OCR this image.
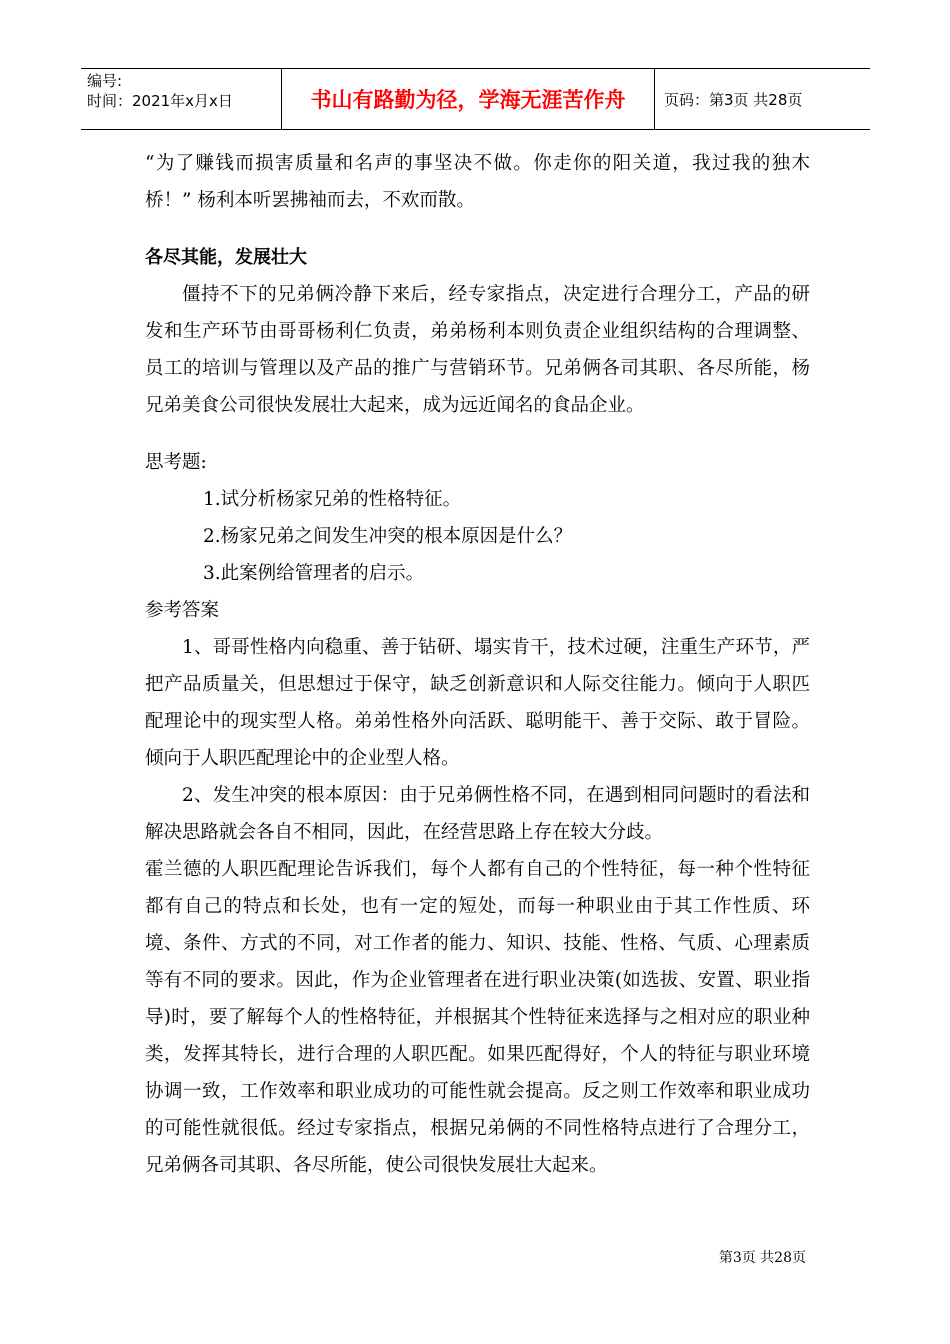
编号:
时间：2021年x月x日	书山有路勤为径，学海无涯苦作舟	页码：第3页 共28页

“为了赚钱而损害质量和名声的事坚决不做。你走你的阳关道，我过我的独木桥！” 杨利本听罢拂袖而去，不欢而散。

各尽其能，发展壮大

僵持不下的兄弟俩冷静下来后，经专家指点，决定进行合理分工，产品的研发和生产环节由哥哥杨利仁负责，弟弟杨利本则负责企业组织结构的合理调整、员工的培训与管理以及产品的推广与营销环节。兄弟俩各司其职、各尽所能，杨兄弟美食公司很快发展壮大起来，成为远近闻名的食品企业。

思考题:

1.试分析杨家兄弟的性格特征。

2.杨家兄弟之间发生冲突的根本原因是什么？

3.此案例给管理者的启示。

参考答案

1、哥哥性格内向稳重、善于钻研、塌实肯干，技术过硬，注重生产环节，严把产品质量关，但思想过于保守，缺乏创新意识和人际交往能力。倾向于人职匹配理论中的现实型人格。弟弟性格外向活跃、聪明能干、善于交际、敢于冒险。倾向于人职匹配理论中的企业型人格。

2、发生冲突的根本原因：由于兄弟俩性格不同，在遇到相同问题时的看法和解决思路就会各自不相同，因此，在经营思路上存在较大分歧。

霍兰德的人职匹配理论告诉我们，每个人都有自己的个性特征，每一种个性特征都有自己的特点和长处，也有一定的短处，而每一种职业由于其工作性质、环境、条件、方式的不同，对工作者的能力、知识、技能、性格、气质、心理素质等有不同的要求。因此，作为企业管理者在进行职业决策(如选拔、安置、职业指导)时，要了解每个人的性格特征，并根据其个性特征来选择与之相对应的职业种类，发挥其特长，进行合理的人职匹配。如果匹配得好，个人的特征与职业环境协调一致，工作效率和职业成功的可能性就会提高。反之则工作效率和职业成功的可能性就很低。经过专家指点，根据兄弟俩的不同性格特点进行了合理分工，兄弟俩各司其职、各尽所能，使公司很快发展壮大起来。

第3页 共28页
